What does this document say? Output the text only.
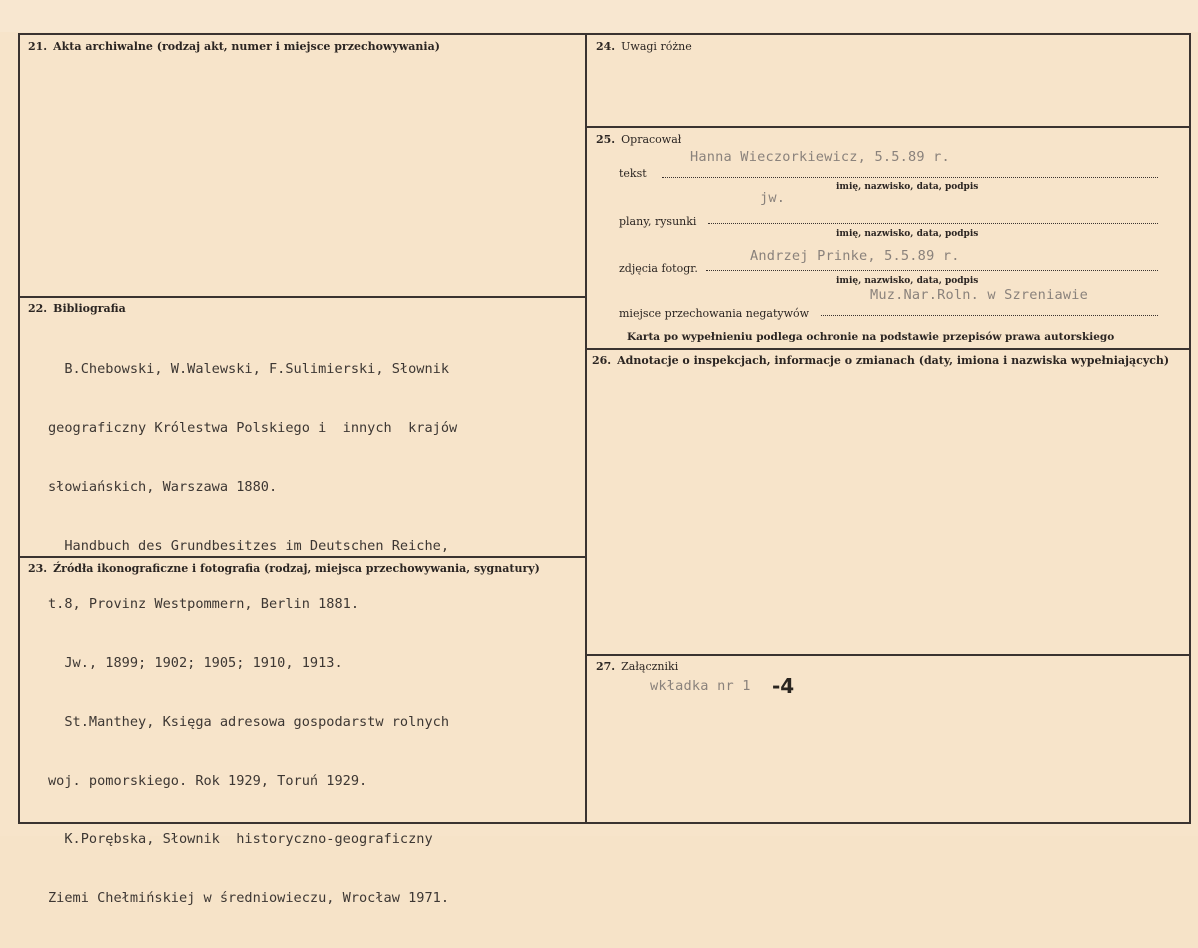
21. Akta archiwalne (rodzaj akt, numer i miejsce przechowywania)
22. Bibliografia

B.Chebowski, W.Walewski, F.Sulimierski, Słownik

geograficzny Królestwa Polskiego i  innych  krajów

słowiańskich, Warszawa 1880.

Handbuch des Grundbesitzes im Deutschen Reiche,

t.8, Provinz Westpommern, Berlin 1881.

Jw., 1899; 1902; 1905; 1910, 1913.

St.Manthey, Księga adresowa gospodarstw rolnych

woj. pomorskiego. Rok 1929, Toruń 1929.

K.Porębska, Słownik  historyczno-geograficzny

Ziemi Chełmińskiej w średniowieczu, Wrocław 1971.

23. Źródła ikonograficzne i fotografia (rodzaj, miejsca przechowywania, sygnatury)
24. Uwagi różne
25. Opracował
Hanna Wieczorkiewicz, 5.5.89 r.
tekst
imię, nazwisko, data, podpis
jw.
plany, rysunki
imię, nazwisko, data, podpis
Andrzej Prinke, 5.5.89 r.
zdjęcia fotogr.
imię, nazwisko, data, podpis
Muz.Nar.Roln. w Szreniawie
miejsce przechowania negatywów
Karta po wypełnieniu podlega ochronie na podstawie przepisów prawa autorskiego
26. Adnotacje o inspekcjach, informacje o zmianach (daty, imiona i nazwiska wypełniających)
27. Załączniki
wkładka nr 1 -4
